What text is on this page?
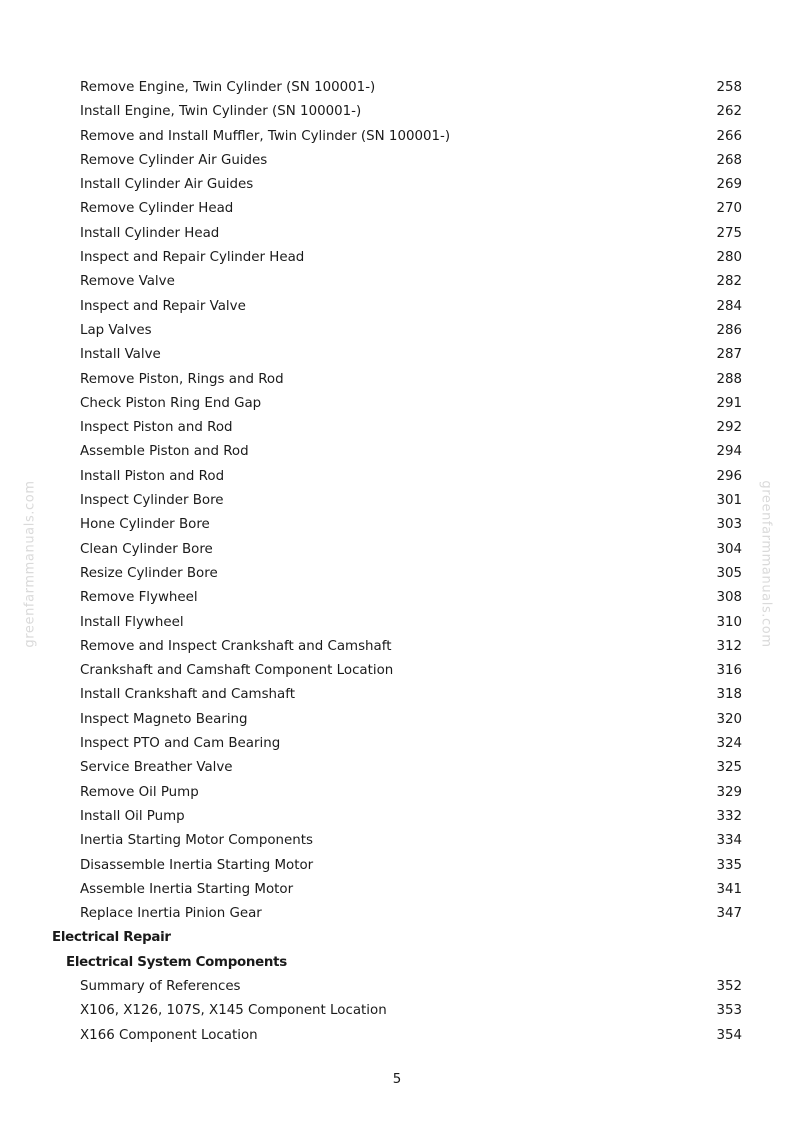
greenfarmmanuals.com	greenfarmmanuals.com
Remove Engine, Twin Cylinder (SN 100001-)	258
Install Engine, Twin Cylinder (SN 100001-)	262
Remove and Install Muffler, Twin Cylinder (SN 100001-)	266
Remove Cylinder Air Guides	268
Install Cylinder Air Guides	269
Remove Cylinder Head	270
Install Cylinder Head	275
Inspect and Repair Cylinder Head	280
Remove Valve	282
Inspect and Repair Valve	284
Lap Valves	286
Install Valve	287
Remove Piston, Rings and Rod	288
Check Piston Ring End Gap	291
Inspect Piston and Rod	292
Assemble Piston and Rod	294
Install Piston and Rod	296
Inspect Cylinder Bore	301
Hone Cylinder Bore	303
Clean Cylinder Bore	304
Resize Cylinder Bore	305
Remove Flywheel	308
Install Flywheel	310
Remove and Inspect Crankshaft and Camshaft	312
Crankshaft and Camshaft Component Location	316
Install Crankshaft and Camshaft	318
Inspect Magneto Bearing	320
Inspect PTO and Cam Bearing	324
Service Breather Valve	325
Remove Oil Pump	329
Install Oil Pump	332
Inertia Starting Motor Components	334
Disassemble Inertia Starting Motor	335
Assemble Inertia Starting Motor	341
Replace Inertia Pinion Gear	347
Electrical Repair
Electrical System Components
Summary of References	352
X106, X126, 107S, X145 Component Location	353
X166 Component Location	354
5
